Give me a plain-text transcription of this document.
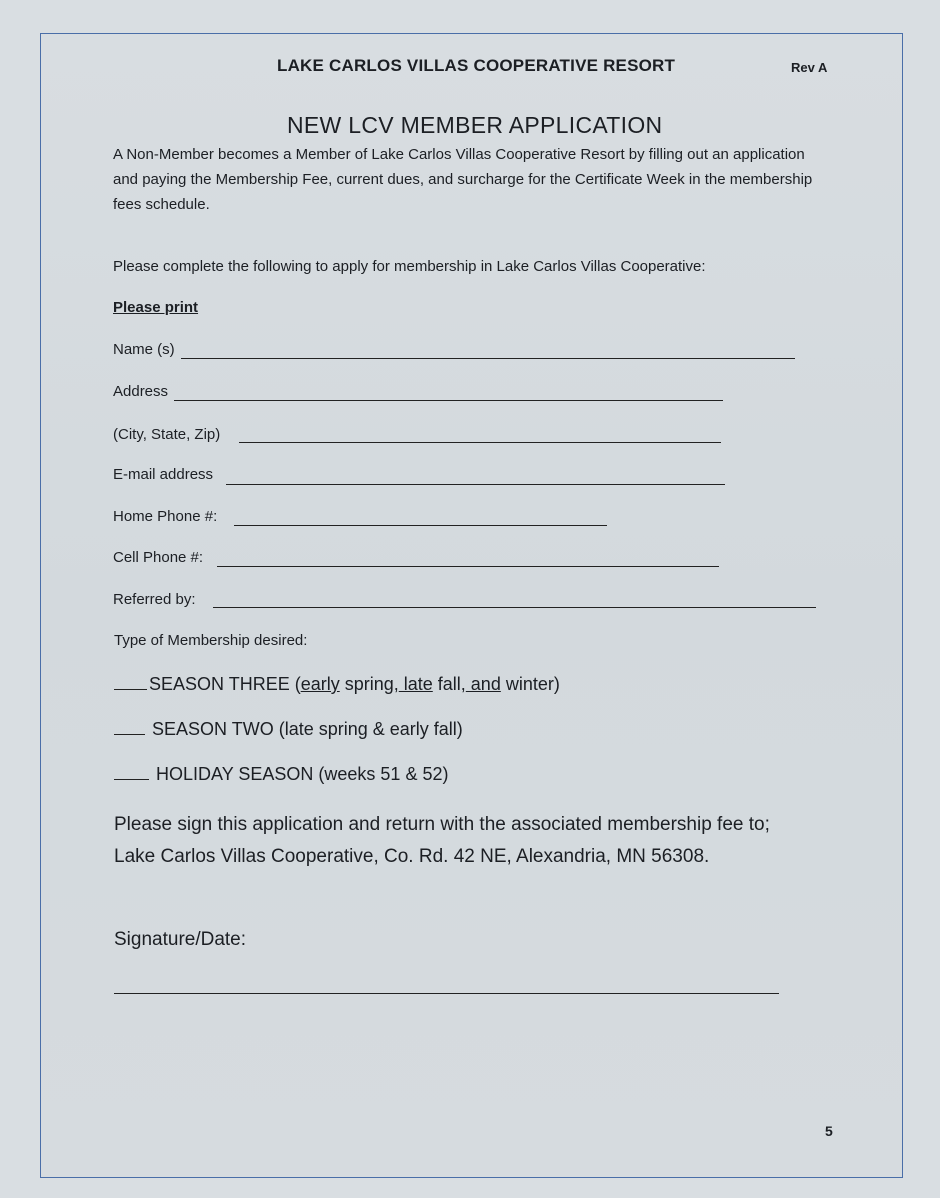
LAKE CARLOS VILLAS COOPERATIVE RESORT	Rev A
NEW LCV MEMBER APPLICATION
A Non-Member becomes a Member of Lake Carlos Villas Cooperative Resort by filling out an application and paying the Membership Fee, current dues, and surcharge for the Certificate Week in the membership fees schedule.
Please complete the following to apply for membership in Lake Carlos Villas Cooperative:
Please print
Name (s)
Address
(City, State, Zip)
E-mail address
Home Phone #:
Cell Phone #:
Referred by:
Type of Membership desired:
SEASON THREE (early spring, late fall, and winter)
SEASON TWO (late spring & early fall)
HOLIDAY SEASON (weeks 51 & 52)
Please sign this application and return with the associated membership fee to;
Lake Carlos Villas Cooperative, Co. Rd. 42 NE, Alexandria, MN 56308.
Signature/Date:
5
